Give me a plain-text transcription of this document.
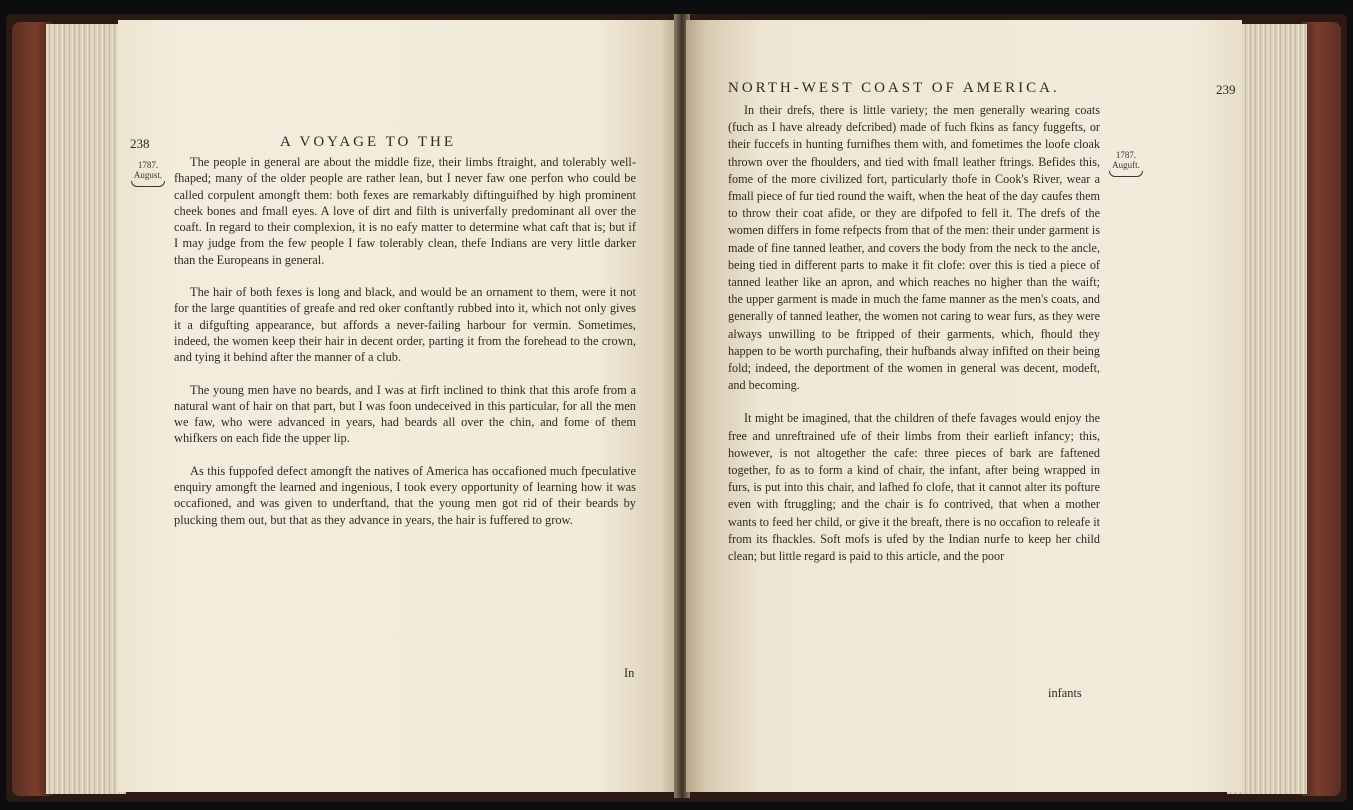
238	A VOYAGE TO THE
1787.
August.

The people in general are about the middle fize, their limbs ftraight, and tolerably well-fhaped; many of the older people are rather lean, but I never faw one perfon who could be called corpulent amongft them: both fexes are remarkably diftinguifhed by high prominent cheek bones and fmall eyes. A love of dirt and filth is univerfally predominant all over the coaft. In regard to their complexion, it is no eafy matter to determine what caft that is; but if I may judge from the few people I faw tolerably clean, thefe Indians are very little darker than the Europeans in general.

The hair of both fexes is long and black, and would be an ornament to them, were it not for the large quantities of greafe and red oker conftantly rubbed into it, which not only gives it a difgufting appearance, but affords a never-failing harbour for vermin. Sometimes, indeed, the women keep their hair in decent order, parting it from the forehead to the crown, and tying it behind after the manner of a club.

The young men have no beards, and I was at firft inclined to think that this arofe from a natural want of hair on that part, but I was foon undeceived in this particular, for all the men we faw, who were advanced in years, had beards all over the chin, and fome of them whifkers on each fide the upper lip.

As this fuppofed defect amongft the natives of America has occafioned much fpeculative enquiry amongft the learned and ingenious, I took every opportunity of learning how it was occafioned, and was given to underftand, that the young men got rid of their beards by plucking them out, but that as they advance in years, the hair is fuffered to grow.

In
NORTH-WEST COAST OF AMERICA.	239
1787.
Auguft.

In their drefs, there is little variety; the men generally wearing coats (fuch as I have already defcribed) made of fuch fkins as fancy fuggefts, or their fuccefs in hunting furnifhes them with, and fometimes the loofe cloak thrown over the fhoulders, and tied with fmall leather ftrings. Befides this, fome of the more civilized fort, particularly thofe in Cook's River, wear a fmall piece of fur tied round the waift, when the heat of the day caufes them to throw their coat afide, or they are difpofed to fell it. The drefs of the women differs in fome refpects from that of the men: their under garment is made of fine tanned leather, and covers the body from the neck to the ancle, being tied in different parts to make it fit clofe: over this is tied a piece of tanned leather like an apron, and which reaches no higher than the waift; the upper garment is made in much the fame manner as the men's coats, and generally of tanned leather, the women not caring to wear furs, as they were always unwilling to be ftripped of their garments, which, fhould they happen to be worth purchafing, their hufbands alway infifted on their being fold; indeed, the deportment of the women in general was decent, modeft, and becoming.

It might be imagined, that the children of thefe favages would enjoy the free and unreftrained ufe of their limbs from their earlieft infancy; this, however, is not altogether the cafe: three pieces of bark are faftened together, fo as to form a kind of chair, the infant, after being wrapped in furs, is put into this chair, and lafhed fo clofe, that it cannot alter its pofture even with ftruggling; and the chair is fo contrived, that when a mother wants to feed her child, or give it the breaft, there is no occafion to releafe it from its fhackles. Soft mofs is ufed by the Indian nurfe to keep her child clean; but little regard is paid to this article, and the poor

infants
